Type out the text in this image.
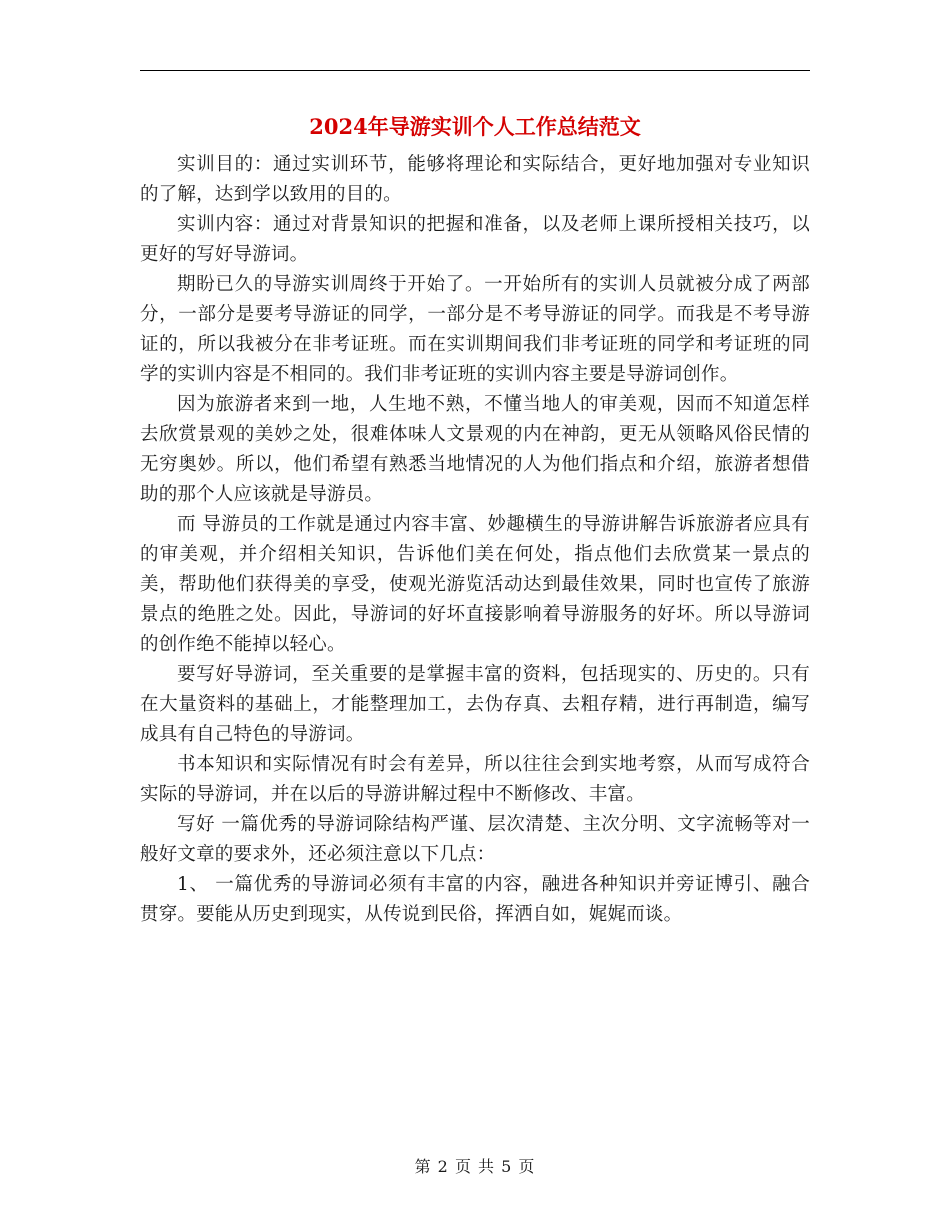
2024年导游实训个人工作总结范文

实训目的：通过实训环节，能够将理论和实际结合，更好地加强对专业知识的了解，达到学以致用的目的。

实训内容：通过对背景知识的把握和准备，以及老师上课所授相关技巧，以更好的写好导游词。

期盼已久的导游实训周终于开始了。一开始所有的实训人员就被分成了两部分，一部分是要考导游证的同学，一部分是不考导游证的同学。而我是不考导游证的，所以我被分在非考证班。而在实训期间我们非考证班的同学和考证班的同学的实训内容是不相同的。我们非考证班的实训内容主要是导游词创作。

因为旅游者来到一地，人生地不熟，不懂当地人的审美观，因而不知道怎样去欣赏景观的美妙之处，很难体味人文景观的内在神韵，更无从领略风俗民情的无穷奥妙。所以，他们希望有熟悉当地情况的人为他们指点和介绍，旅游者想借助的那个人应该就是导游员。

而 导游员的工作就是通过内容丰富、妙趣横生的导游讲解告诉旅游者应具有的审美观，并介绍相关知识，告诉他们美在何处，指点他们去欣赏某一景点的美，帮助他们获得美的享受，使观光游览活动达到最佳效果，同时也宣传了旅游景点的绝胜之处。因此，导游词的好坏直接影响着导游服务的好坏。所以导游词的创作绝不能掉以轻心。

要写好导游词，至关重要的是掌握丰富的资料，包括现实的、历史的。只有在大量资料的基础上，才能整理加工，去伪存真、去粗存精，进行再制造，编写成具有自己特色的导游词。

书本知识和实际情况有时会有差异，所以往往会到实地考察，从而写成符合实际的导游词，并在以后的导游讲解过程中不断修改、丰富。

写好 一篇优秀的导游词除结构严谨、层次清楚、主次分明、文字流畅等对一般好文章的要求外，还必须注意以下几点：

1、 一篇优秀的导游词必须有丰富的内容，融进各种知识并旁证博引、融合贯穿。要能从历史到现实，从传说到民俗，挥洒自如，娓娓而谈。

第 2 页 共 5 页
